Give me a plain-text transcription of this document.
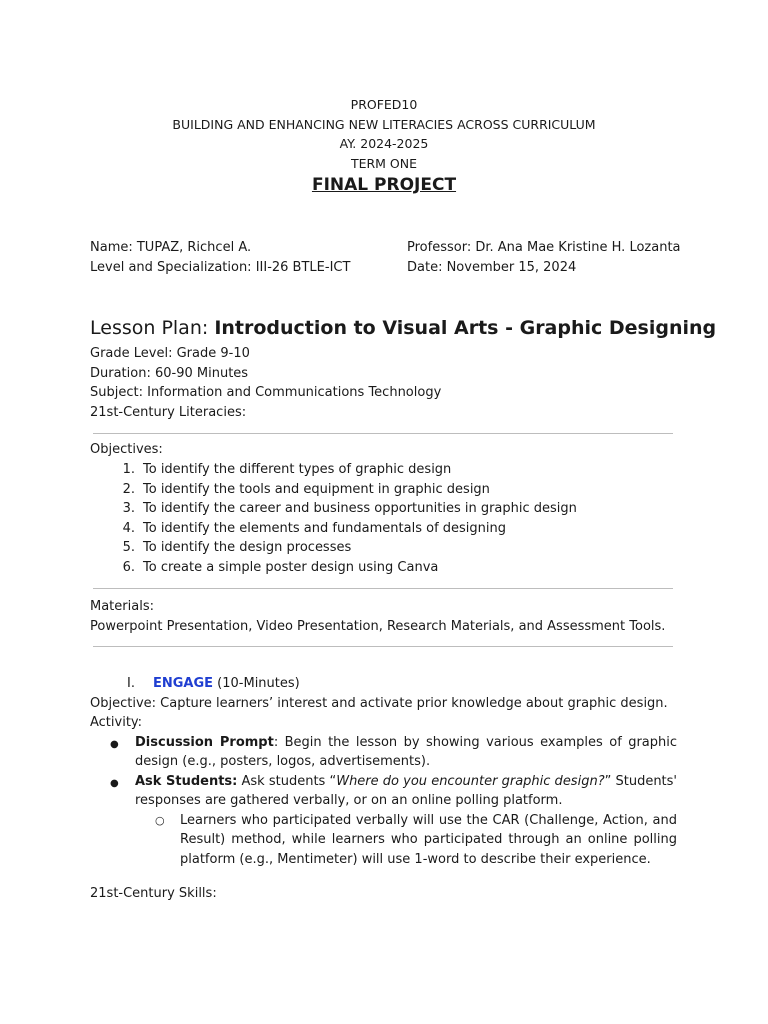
PROFED10
BUILDING AND ENHANCING NEW LITERACIES ACROSS CURRICULUM
AY. 2024-2025
TERM ONE
FINAL PROJECT
Name: TUPAZ, Richcel A.	Professor: Dr. Ana Mae Kristine H. Lozanta
Level and Specialization: III-26 BTLE-ICT	Date: November 15, 2024
Lesson Plan: Introduction to Visual Arts - Graphic Designing
Grade Level: Grade 9-10
Duration: 60-90 Minutes
Subject: Information and Communications Technology
21st-Century Literacies:
Objectives:
1. To identify the different types of graphic design
2. To identify the tools and equipment in graphic design
3. To identify the career and business opportunities in graphic design
4. To identify the elements and fundamentals of designing
5. To identify the design processes
6. To create a simple poster design using Canva
Materials:
Powerpoint Presentation, Video Presentation, Research Materials, and Assessment Tools.
I.	ENGAGE (10-Minutes)
Objective: Capture learners’ interest and activate prior knowledge about graphic design.
Activity:
●	Discussion Prompt: Begin the lesson by showing various examples of graphic design (e.g., posters, logos, advertisements).
●	Ask Students: Ask students “Where do you encounter graphic design?” Students' responses are gathered verbally, or on an online polling platform.
○	Learners who participated verbally will use the CAR (Challenge, Action, and Result) method, while learners who participated through an online polling platform (e.g., Mentimeter) will use 1-word to describe their experience.
21st-Century Skills:
